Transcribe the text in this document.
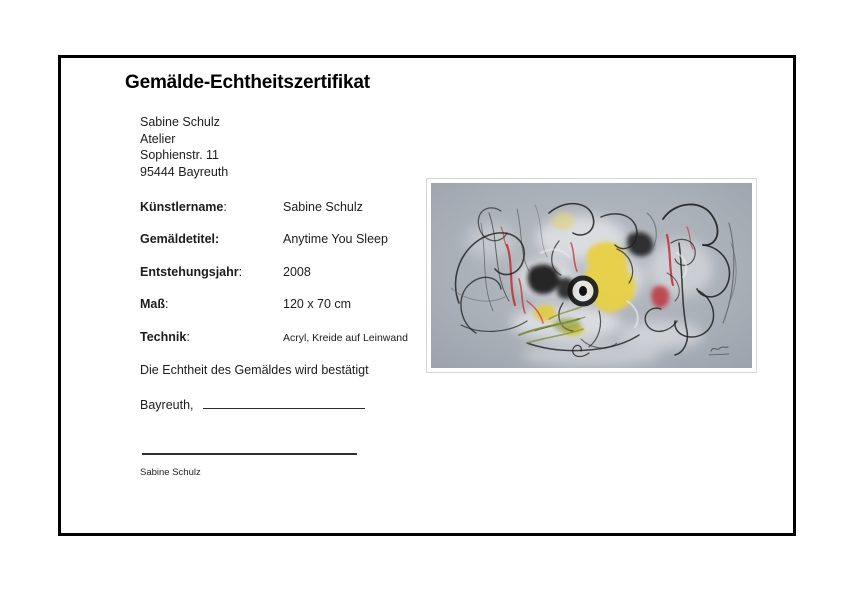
Gemälde-Echtheitszertifikat
Sabine Schulz
Atelier
Sophienstr. 11
95444 Bayreuth
Künstlername:	Sabine Schulz
Gemäldetitel:	Anytime You Sleep
Entstehungsjahr:	2008
Maß:	120 x 70 cm
Technik:	Acryl, Kreide auf Leinwand
Die Echtheit des Gemäldes wird bestätigt
Bayreuth,
Sabine Schulz
